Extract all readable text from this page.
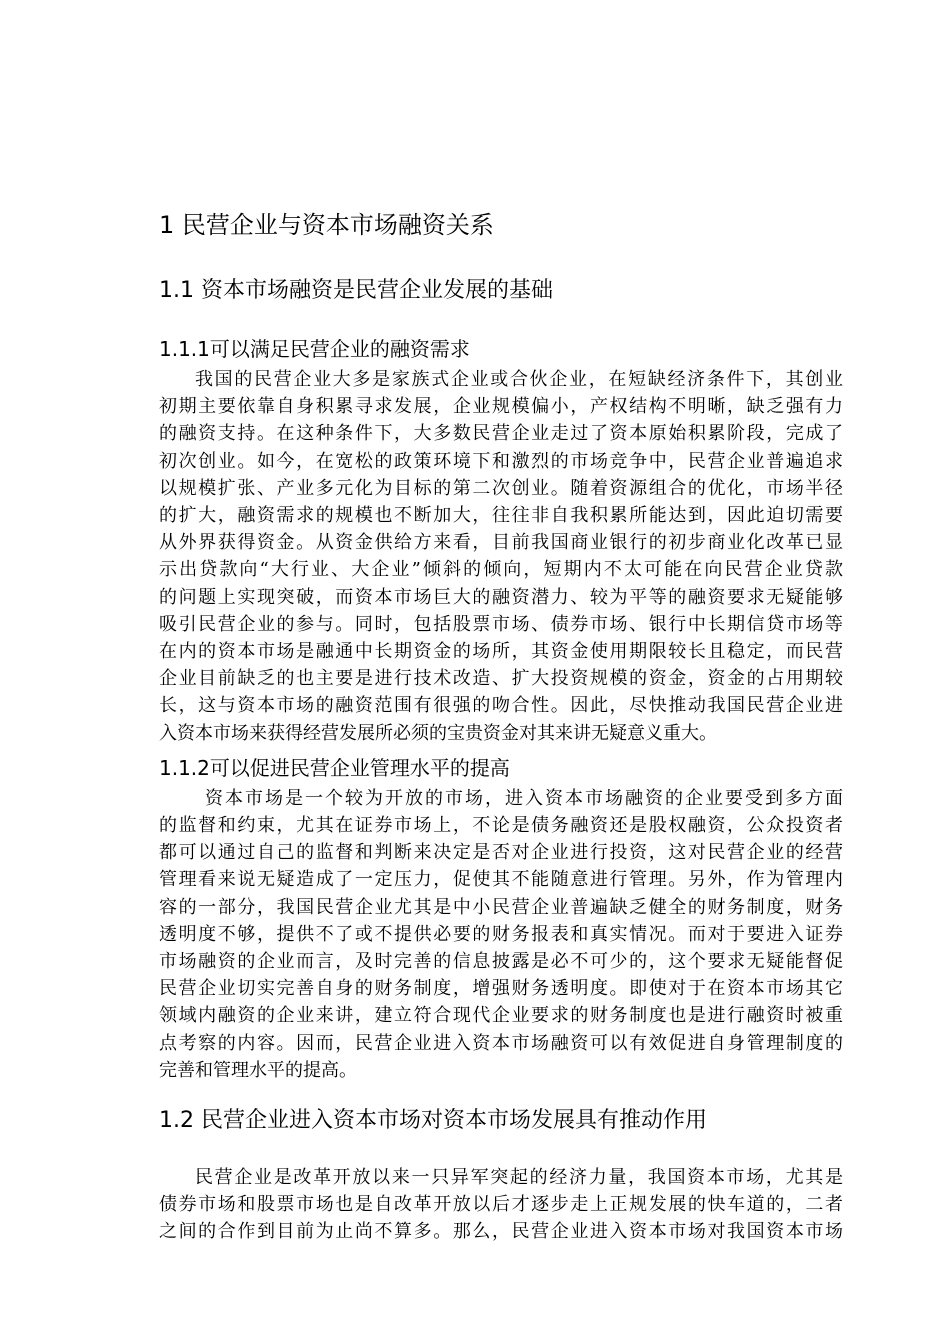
1 民营企业与资本市场融资关系
1.1 资本市场融资是民营企业发展的基础
1.1.1可以满足民营企业的融资需求
我国的民营企业大多是家族式企业或合伙企业，在短缺经济条件下，其创业
初期主要依靠自身积累寻求发展，企业规模偏小，产权结构不明晰，缺乏强有力
的融资支持。在这种条件下，大多数民营企业走过了资本原始积累阶段，完成了
初次创业。如今，在宽松的政策环境下和激烈的市场竞争中，民营企业普遍追求
以规模扩张、产业多元化为目标的第二次创业。随着资源组合的优化，市场半径
的扩大，融资需求的规模也不断加大，往往非自我积累所能达到，因此迫切需要
从外界获得资金。从资金供给方来看，目前我国商业银行的初步商业化改革已显
示出贷款向“大行业、大企业”倾斜的倾向，短期内不太可能在向民营企业贷款
的问题上实现突破，而资本市场巨大的融资潜力、较为平等的融资要求无疑能够
吸引民营企业的参与。同时，包括股票市场、债券市场、银行中长期信贷市场等
在内的资本市场是融通中长期资金的场所，其资金使用期限较长且稳定，而民营
企业目前缺乏的也主要是进行技术改造、扩大投资规模的资金，资金的占用期较
长，这与资本市场的融资范围有很强的吻合性。因此，尽快推动我国民营企业进
入资本市场来获得经营发展所必须的宝贵资金对其来讲无疑意义重大。
1.1.2可以促进民营企业管理水平的提高
资本市场是一个较为开放的市场，进入资本市场融资的企业要受到多方面
的监督和约束，尤其在证券市场上，不论是债务融资还是股权融资，公众投资者
都可以通过自己的监督和判断来决定是否对企业进行投资，这对民营企业的经营
管理看来说无疑造成了一定压力，促使其不能随意进行管理。另外，作为管理内
容的一部分，我国民营企业尤其是中小民营企业普遍缺乏健全的财务制度，财务
透明度不够，提供不了或不提供必要的财务报表和真实情况。而对于要进入证券
市场融资的企业而言，及时完善的信息披露是必不可少的，这个要求无疑能督促
民营企业切实完善自身的财务制度，增强财务透明度。即使对于在资本市场其它
领域内融资的企业来讲，建立符合现代企业要求的财务制度也是进行融资时被重
点考察的内容。因而，民营企业进入资本市场融资可以有效促进自身管理制度的
完善和管理水平的提高。
1.2 民营企业进入资本市场对资本市场发展具有推动作用
民营企业是改革开放以来一只异军突起的经济力量，我国资本市场，尤其是
债券市场和股票市场也是自改革开放以后才逐步走上正规发展的快车道的，二者
之间的合作到目前为止尚不算多。那么，民营企业进入资本市场对我国资本市场
